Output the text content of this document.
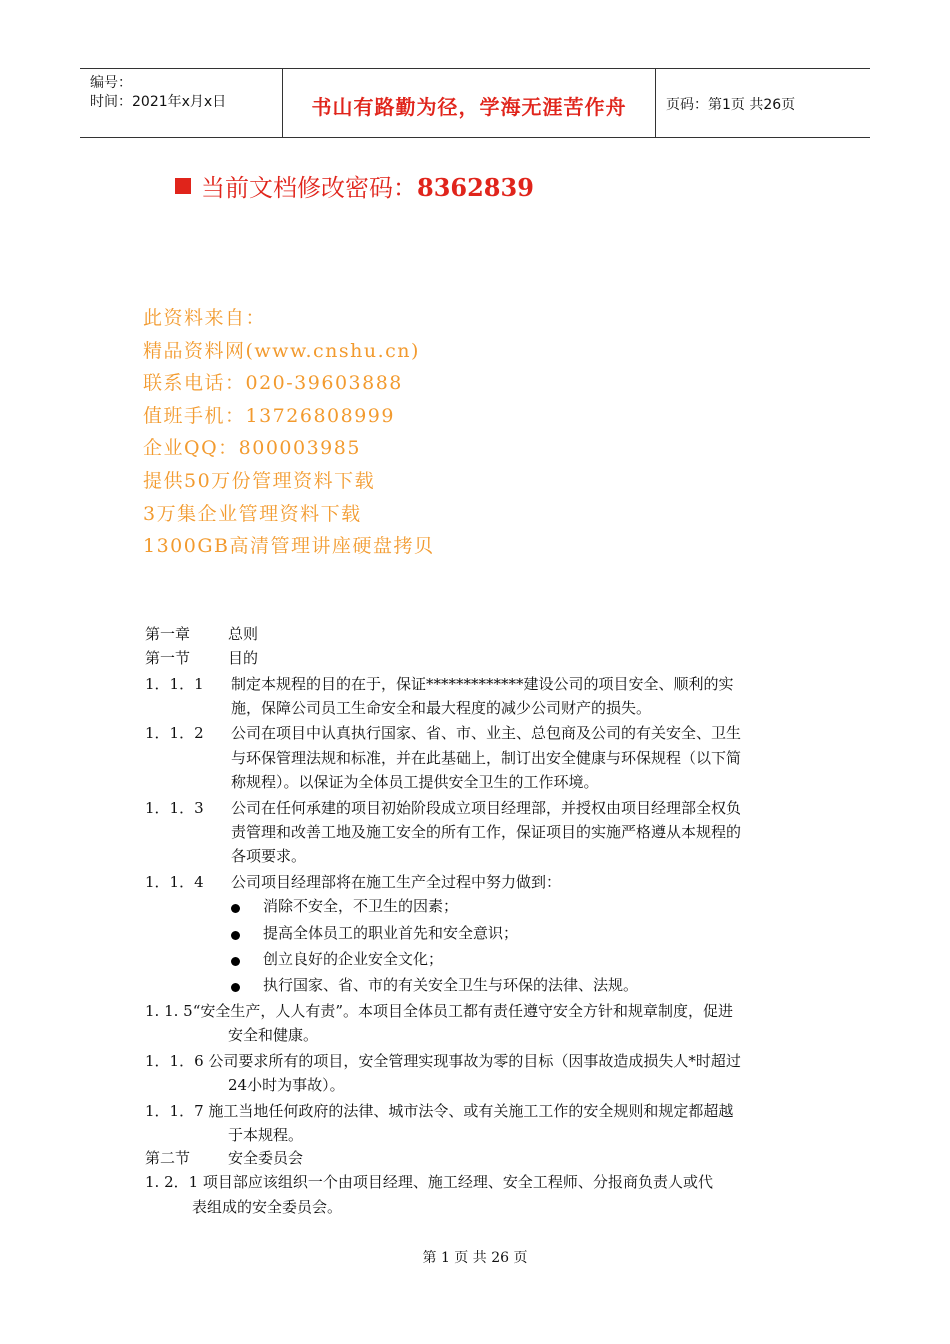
编号：
时间：2021年x月x日	书山有路勤为径，学海无涯苦作舟	页码：第1页 共26页
当前文档修改密码：8362839
此资料来自：
精品资料网(www.cnshu.cn)
联系电话：020-39603888
值班手机：13726808999
企业QQ：800003985
提供50万份管理资料下载
3万集企业管理资料下载
1300GB高清管理讲座硬盘拷贝
第一章	总则
第一节	目的
1．1．1 制定本规程的目的在于，保证*************建设公司的项目安全、顺利的实
施，保障公司员工生命安全和最大程度的减少公司财产的损失。
1．1．2 公司在项目中认真执行国家、省、市、业主、总包商及公司的有关安全、卫生
与环保管理法规和标准，并在此基础上，制订出安全健康与环保规程（以下简
称规程）。以保证为全体员工提供安全卫生的工作环境。
1．1．3 公司在任何承建的项目初始阶段成立项目经理部，并授权由项目经理部全权负
责管理和改善工地及施工安全的所有工作，保证项目的实施严格遵从本规程的
各项要求。
1．1．4 公司项目经理部将在施工生产全过程中努力做到：
消除不安全，不卫生的因素；
提高全体员工的职业首先和安全意识；
创立良好的企业安全文化；
执行国家、省、市的有关安全卫生与环保的法律、法规。
1. 1. 5“安全生产，人人有责”。本项目全体员工都有责任遵守安全方针和规章制度，促进
安全和健康。
1．1．6 公司要求所有的项目，安全管理实现事故为零的目标（因事故造成损失人*时超过
24小时为事故）。
1．1．7 施工当地任何政府的法律、城市法令、或有关施工工作的安全规则和规定都超越
于本规程。
第二节	安全委员会
1. 2．1 项目部应该组织一个由项目经理、施工经理、安全工程师、分报商负责人或代
表组成的安全委员会。
第 1 页 共 26 页
